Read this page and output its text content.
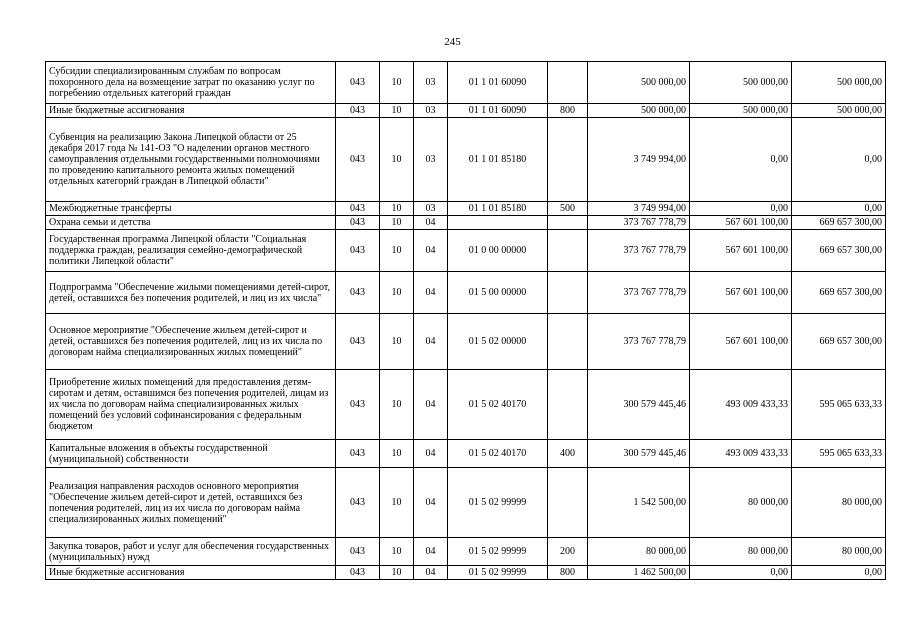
245
Субсидии специализированным службам по вопросам похоронного дела на возмещение затрат по оказанию услуг по погребению отдельных категорий граждан	043	10	03	01 1 01 60090		500 000,00	500 000,00	500 000,00
Иные бюджетные ассигнования	043	10	03	01 1 01 60090	800	500 000,00	500 000,00	500 000,00
Субвенция на реализацию Закона Липецкой области от 25 декабря 2017 года № 141-ОЗ "О наделении органов местного самоуправления отдельными государственными полномочиями по проведению капитального ремонта жилых помещений отдельных категорий граждан в Липецкой области"	043	10	03	01 1 01 85180		3 749 994,00	0,00	0,00
Межбюджетные трансферты	043	10	03	01 1 01 85180	500	3 749 994,00	0,00	0,00
Охрана семьи и детства	043	10	04			373 767 778,79	567 601 100,00	669 657 300,00
Государственная программа Липецкой области "Социальная поддержка граждан, реализация семейно-демографической политики Липецкой области"	043	10	04	01 0 00 00000		373 767 778,79	567 601 100,00	669 657 300,00
Подпрограмма "Обеспечение жилыми помещениями детей-сирот, детей, оставшихся без попечения родителей, и лиц из их числа"	043	10	04	01 5 00 00000		373 767 778,79	567 601 100,00	669 657 300,00
Основное мероприятие "Обеспечение жильем детей-сирот и детей, оставшихся без попечения родителей, лиц из их числа по договорам найма специализированных жилых помещений"	043	10	04	01 5 02 00000		373 767 778,79	567 601 100,00	669 657 300,00
Приобретение жилых помещений для предоставления детям-сиротам и детям, оставшимся без попечения родителей, лицам из их числа по договорам найма специализированных жилых помещений без условий софинансирования с федеральным бюджетом	043	10	04	01 5 02 40170		300 579 445,46	493 009 433,33	595 065 633,33
Капитальные вложения в объекты государственной (муниципальной) собственности	043	10	04	01 5 02 40170	400	300 579 445,46	493 009 433,33	595 065 633,33
Реализация направления расходов основного мероприятия "Обеспечение жильем детей-сирот и детей, оставшихся без попечения родителей, лиц из их числа по договорам найма специализированных жилых помещений"	043	10	04	01 5 02 99999		1 542 500,00	80 000,00	80 000,00
Закупка товаров, работ и услуг для обеспечения государственных (муниципальных) нужд	043	10	04	01 5 02 99999	200	80 000,00	80 000,00	80 000,00
Иные бюджетные ассигнования	043	10	04	01 5 02 99999	800	1 462 500,00	0,00	0,00
